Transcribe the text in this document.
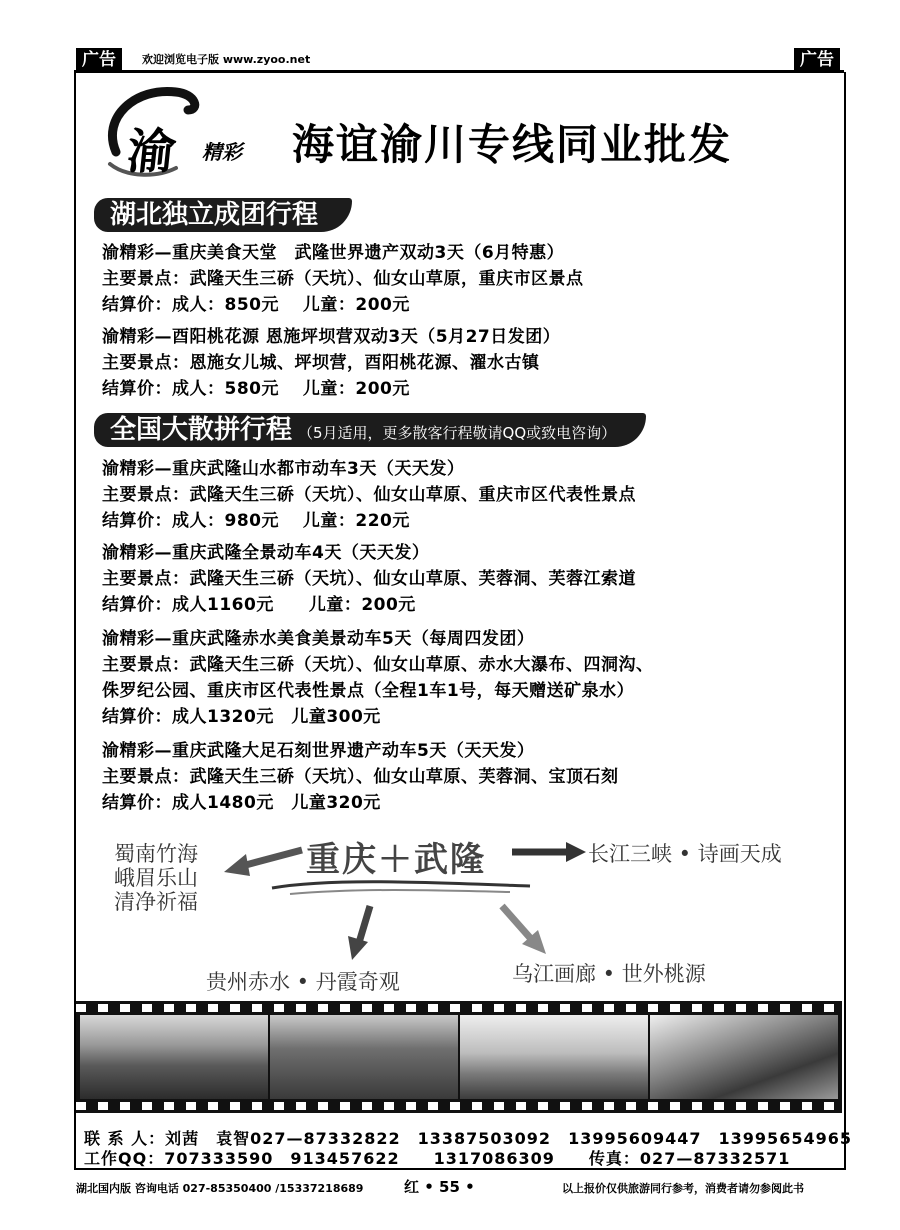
广告	欢迎浏览电子版 www.zyoo.net	广告
渝 精彩 海谊渝川专线同业批发
湖北独立成团行程
渝精彩—重庆美食天堂　武隆世界遗产双动3天（6月特惠）
主要景点：武隆天生三硚（天坑）、仙女山草原，重庆市区景点
结算价：成人：850元　 儿童：200元
渝精彩—酉阳桃花源 恩施坪坝营双动3天（5月27日发团）
主要景点：恩施女儿城、坪坝营，酉阳桃花源、濯水古镇
结算价：成人：580元　 儿童：200元
全国大散拼行程 （5月适用，更多散客行程敬请QQ或致电咨询）
渝精彩—重庆武隆山水都市动车3天（天天发）
主要景点：武隆天生三硚（天坑）、仙女山草原、重庆市区代表性景点
结算价：成人：980元　 儿童：220元
渝精彩—重庆武隆全景动车4天（天天发）
主要景点：武隆天生三硚（天坑）、仙女山草原、芙蓉洞、芙蓉江索道
结算价：成人1160元　　儿童：200元
渝精彩—重庆武隆赤水美食美景动车5天（每周四发团）
主要景点：武隆天生三硚（天坑）、仙女山草原、赤水大瀑布、四洞沟、
侏罗纪公园、重庆市区代表性景点（全程1车1号，每天赠送矿泉水）
结算价：成人1320元　儿童300元
渝精彩—重庆武隆大足石刻世界遗产动车5天（天天发）
主要景点：武隆天生三硚（天坑）、仙女山草原、芙蓉洞、宝顶石刻
结算价：成人1480元　儿童320元
重庆＋武隆
蜀南竹海
峨眉乐山
清净祈福
长江三峡 • 诗画天成
贵州赤水 • 丹霞奇观	乌江画廊 • 世外桃源
联 系 人：刘茜　袁智027—87332822　13387503092　13995609447　13995654965
工作QQ：707333590　913457622　　1317086309　　传真：027—87332571
湖北国内版 咨询电话 027-85350400 /15337218689	红 • 55 •	以上报价仅供旅游同行参考，消费者请勿参阅此书
